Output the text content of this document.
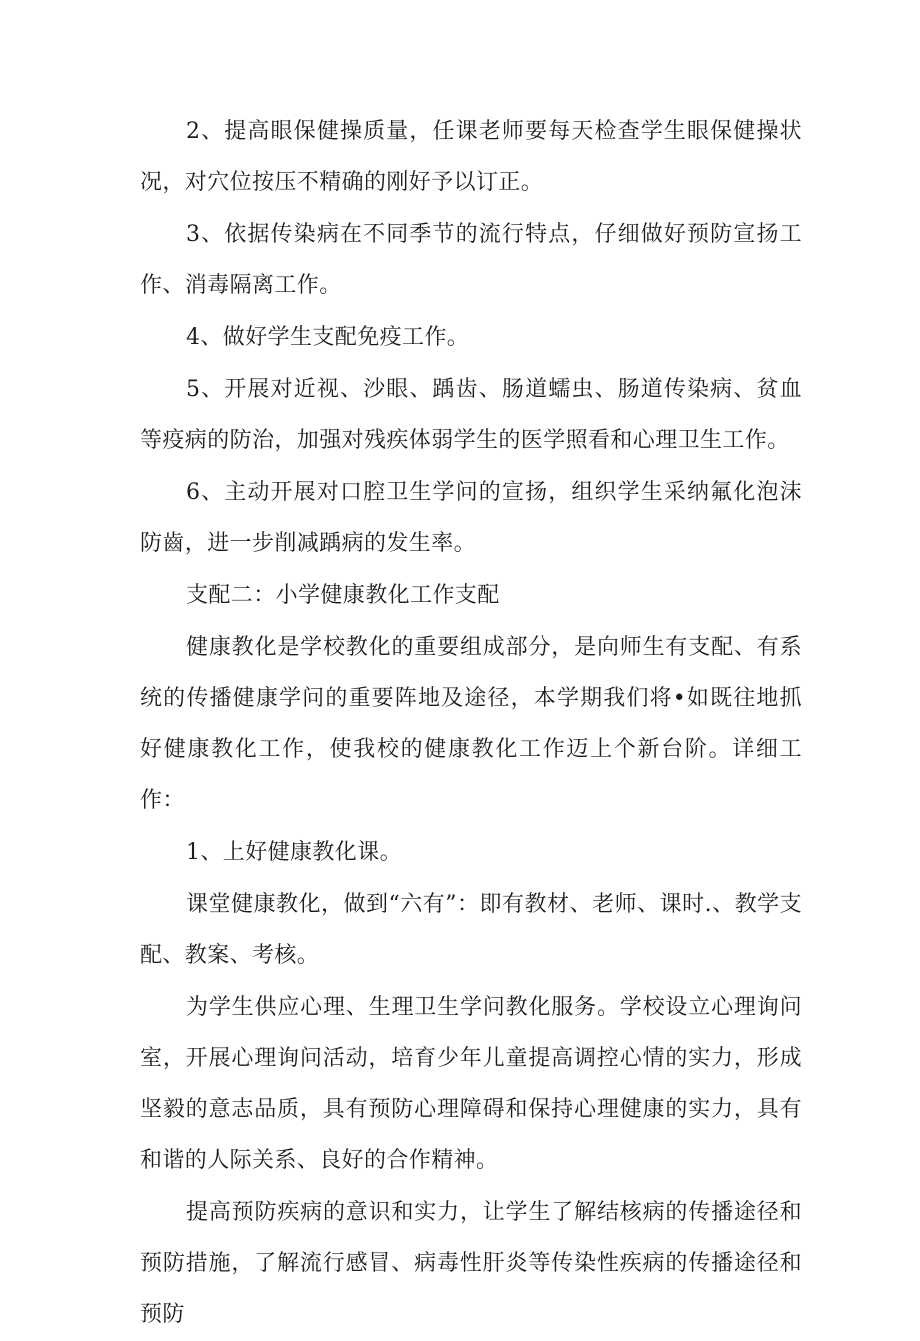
2、提高眼保健操质量，任课老师要每天检查学生眼保健操状况，对穴位按压不精确的刚好予以订正。

3、依据传染病在不同季节的流行特点，仔细做好预防宣扬工作、消毒隔离工作。

4、做好学生支配免疫工作。

5、开展对近视、沙眼、踽齿、肠道蠕虫、肠道传染病、贫血等疫病的防治，加强对残疾体弱学生的医学照看和心理卫生工作。

6、主动开展对口腔卫生学问的宣扬，组织学生采纳氟化泡沫防齒，进一步削减踽病的发生率。

支配二：小学健康教化工作支配

健康教化是学校教化的重要组成部分，是向师生有支配、有系统的传播健康学问的重要阵地及途径，本学期我们将•如既往地抓好健康教化工作，使我校的健康教化工作迈上个新台阶。详细工作：

1、上好健康教化课。

课堂健康教化，做到“六有”：即有教材、老师、课时.、教学支配、教案、考核。

为学生供应心理、生理卫生学问教化服务。学校设立心理询问室，开展心理询问活动，培育少年儿童提高调控心情的实力，形成坚毅的意志品质，具有预防心理障碍和保持心理健康的实力，具有和谐的人际关系、良好的合作精神。

提高预防疾病的意识和实力，让学生了解结核病的传播途径和预防措施，了解流行感冒、病毒性肝炎等传染性疾病的传播途径和预防
